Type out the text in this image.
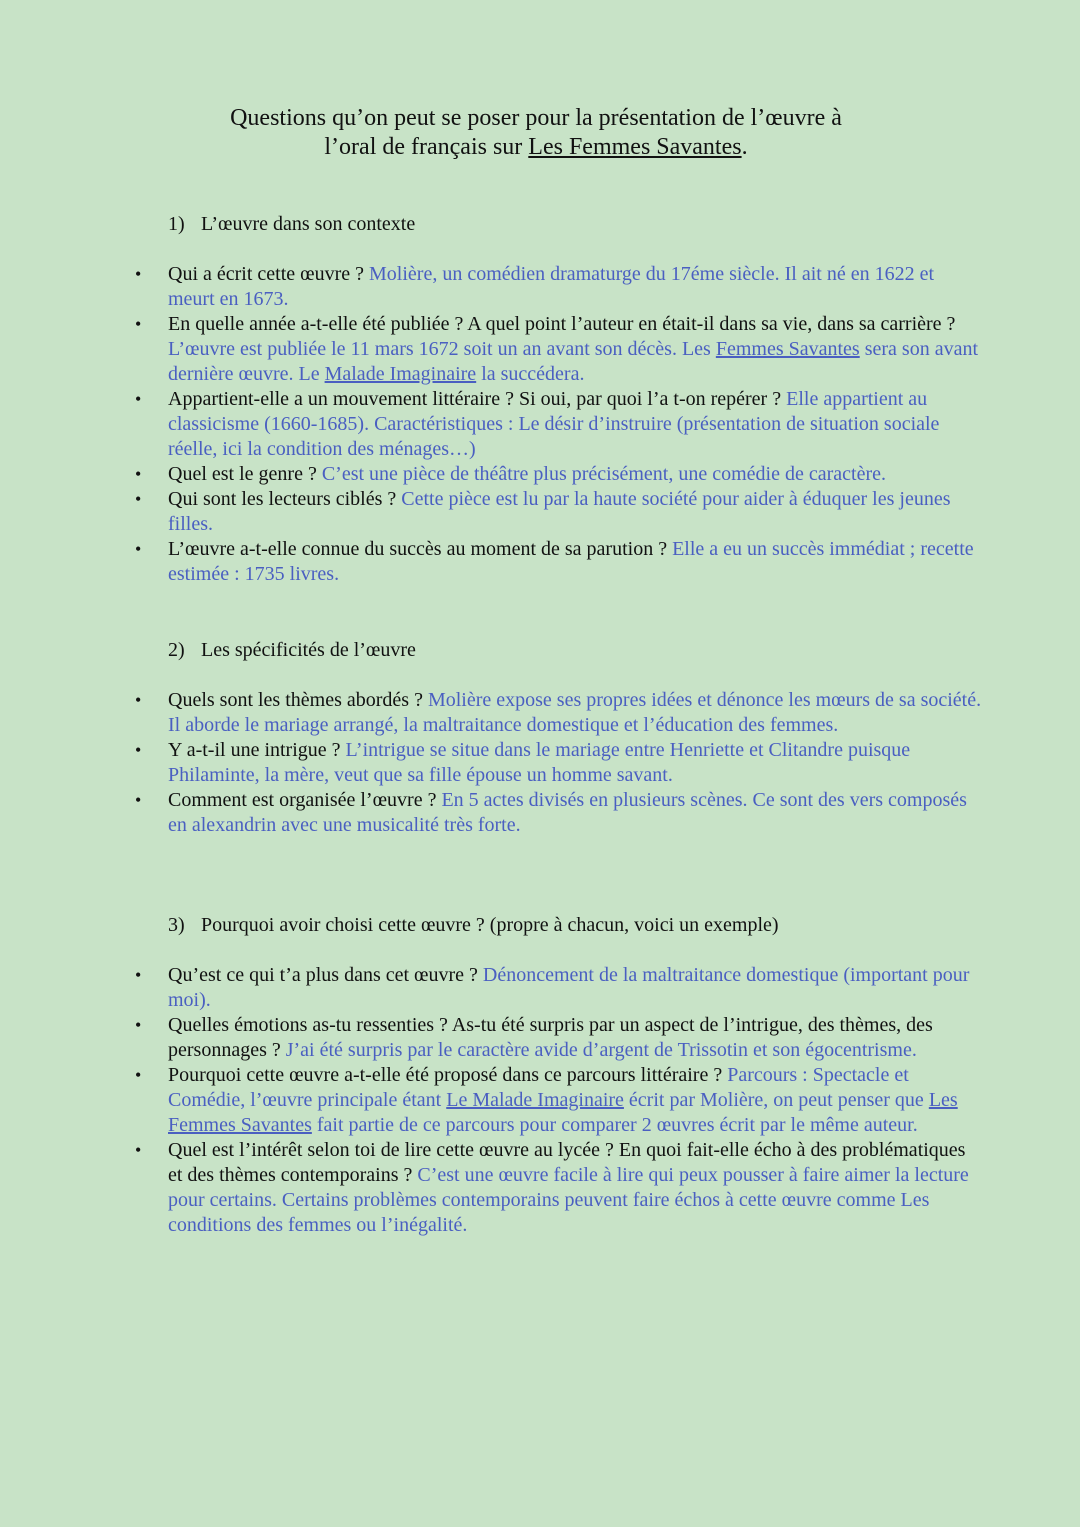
Questions qu’on peut se poser pour la présentation de l’œuvre à
l’oral de français sur Les Femmes Savantes.
1) L’œuvre dans son contexte
• Qui a écrit cette œuvre ? Molière, un comédien dramaturge du 17éme siècle. Il ait né en 1622 et meurt en 1673.
• En quelle année a-t-elle été publiée ? A quel point l’auteur en était-il dans sa vie, dans sa carrière ? L’œuvre est publiée le 11 mars 1672 soit un an avant son décès. Les Femmes Savantes sera son avant dernière œuvre. Le Malade Imaginaire la succédera.
• Appartient-elle a un mouvement littéraire ? Si oui, par quoi l’a t-on repérer ? Elle appartient au classicisme (1660-1685). Caractéristiques : Le désir d’instruire (présentation de situation sociale réelle, ici la condition des ménages…)
• Quel est le genre ? C’est une pièce de théâtre plus précisément, une comédie de caractère.
• Qui sont les lecteurs ciblés ? Cette pièce est lu par la haute société pour aider à éduquer les jeunes filles.
• L’œuvre a-t-elle connue du succès au moment de sa parution ? Elle a eu un succès immédiat ; recette estimée : 1735 livres.
2) Les spécificités de l’œuvre
• Quels sont les thèmes abordés ? Molière expose ses propres idées et dénonce les mœurs de sa société. Il aborde le mariage arrangé, la maltraitance domestique et l’éducation des femmes.
• Y a-t-il une intrigue ? L’intrigue se situe dans le mariage entre Henriette et Clitandre puisque Philaminte, la mère, veut que sa fille épouse un homme savant.
• Comment est organisée l’œuvre ? En 5 actes divisés en plusieurs scènes. Ce sont des vers composés en alexandrin avec une musicalité très forte.
3) Pourquoi avoir choisi cette œuvre ? (propre à chacun, voici un exemple)
• Qu’est ce qui t’a plus dans cet œuvre ? Dénoncement de la maltraitance domestique (important pour moi).
• Quelles émotions as-tu ressenties ? As-tu été surpris par un aspect de l’intrigue, des thèmes, des personnages ? J’ai été surpris par le caractère avide d’argent de Trissotin et son égocentrisme.
• Pourquoi cette œuvre a-t-elle été proposé dans ce parcours littéraire ? Parcours : Spectacle et Comédie, l’œuvre principale étant Le Malade Imaginaire écrit par Molière, on peut penser que Les Femmes Savantes fait partie de ce parcours pour comparer 2 œuvres écrit par le même auteur.
• Quel est l’intérêt selon toi de lire cette œuvre au lycée ? En quoi fait-elle écho à des problématiques et des thèmes contemporains ? C’est une œuvre facile à lire qui peux pousser à faire aimer la lecture pour certains. Certains problèmes contemporains peuvent faire échos à cette œuvre comme Les conditions des femmes ou l’inégalité.
